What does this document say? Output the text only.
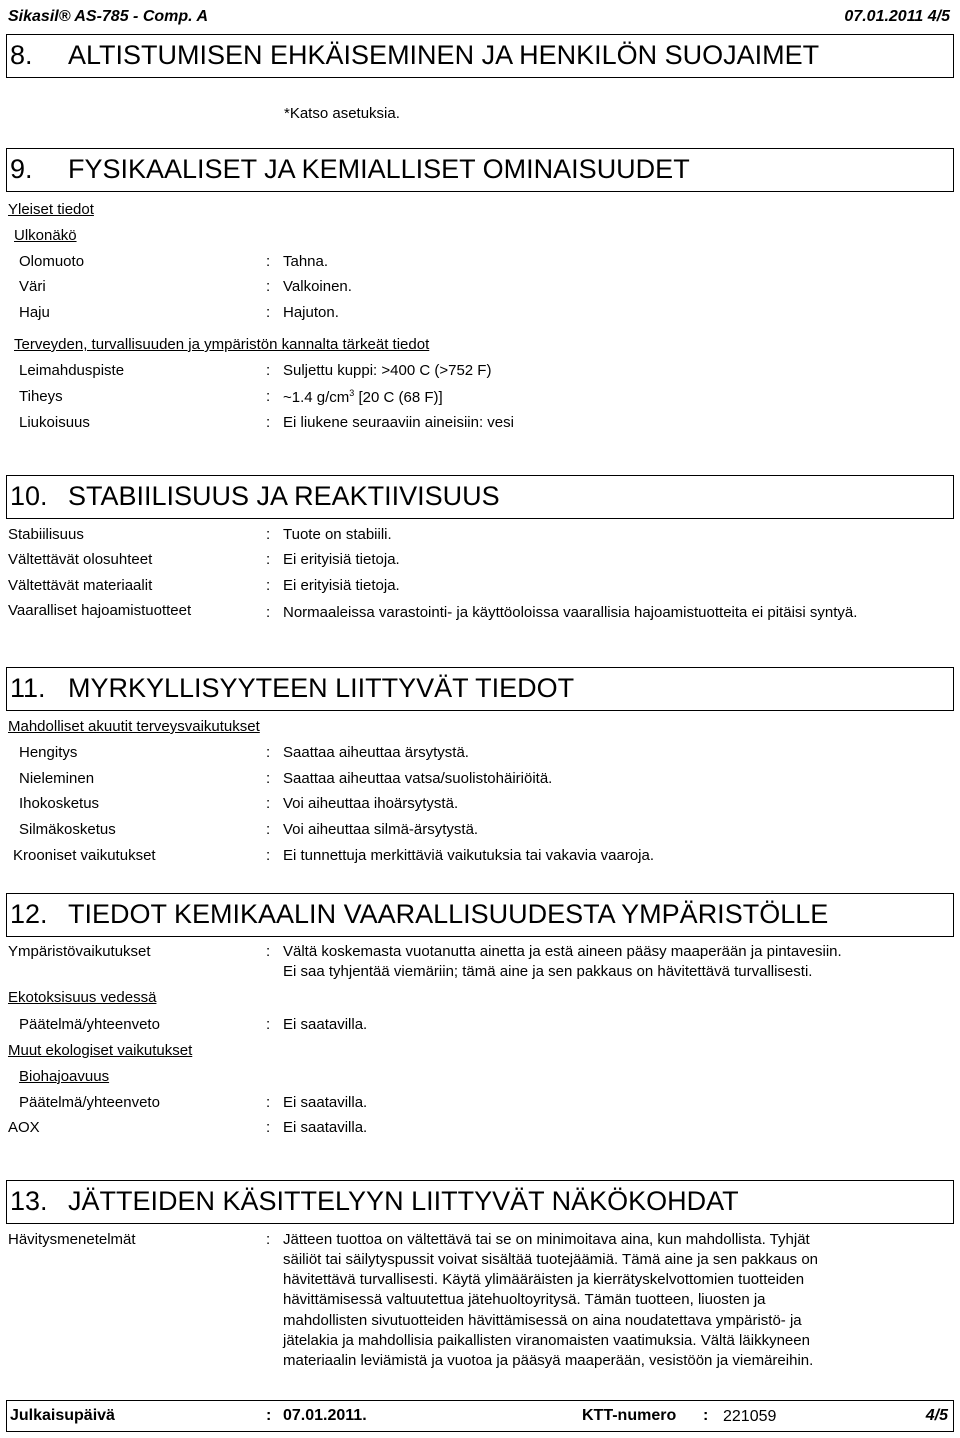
Sikasil® AS-785 - Comp. A	07.01.2011 4/5
8. ALTISTUMISEN EHKÄISEMINEN JA HENKILÖN SUOJAIMET
*Katso asetuksia.
9. FYSIKAALISET JA KEMIALLISET OMINAISUUDET
Yleiset tiedot
Ulkonäkö
Olomuoto	: Tahna.
Väri	: Valkoinen.
Haju	: Hajuton.
Terveyden, turvallisuuden ja ympäristön kannalta tärkeät tiedot
Leimahduspiste	: Suljettu kuppi: >400 C (>752 F)
Tiheys	: ~1.4 $g/cm^3$ [20 C (68 F)]
Liukoisuus	: Ei liukene seuraaviin aineisiin: vesi
10. STABIILISUUS JA REAKTIIVISUUS
Stabiilisuus	: Tuote on stabiili.
Vältettävät olosuhteet	: Ei erityisiä tietoja.
Vältettävät materiaalit	: Ei erityisiä tietoja.
Vaaralliset hajoamistuotteet	: Normaaleissa varastointi- ja käyttöoloissa vaarallisia hajoamistuotteita ei pitäisi syntyä.
11. MYRKYLLISYYTEEN LIITTYVÄT TIEDOT
Mahdolliset akuutit terveysvaikutukset
Hengitys	: Saattaa aiheuttaa ärsytystä.
Nieleminen	: Saattaa aiheuttaa vatsa/suolistohäiriöitä.
Ihokosketus	: Voi aiheuttaa ihoärsytystä.
Silmäkosketus	: Voi aiheuttaa silmä-ärsytystä.
Krooniset vaikutukset	: Ei tunnettuja merkittäviä vaikutuksia tai vakavia vaaroja.
12. TIEDOT KEMIKAALIN VAARALLISUUDESTA YMPÄRISTÖLLE
Ympäristövaikutukset	: Vältä koskemasta vuotanutta ainetta ja estä aineen pääsy maaperään ja pintavesiin.
Ei saa tyhjentää viemäriin; tämä aine ja sen pakkaus on hävitettävä turvallisesti.
Ekotoksisuus vedessä
Päätelmä/yhteenveto	: Ei saatavilla.
Muut ekologiset vaikutukset
Biohajoavuus
Päätelmä/yhteenveto	: Ei saatavilla.
AOX	: Ei saatavilla.
13. JÄTTEIDEN KÄSITTELYYN LIITTYVÄT NÄKÖKOHDAT
Hävitysmenetelmät	: Jätteen tuottoa on vältettävä tai se on minimoitava aina, kun mahdollista. Tyhjät
säiliöt tai säilytyspussit voivat sisältää tuotejäämiä. Tämä aine ja sen pakkaus on
hävitettävä turvallisesti. Käytä ylimääräisten ja kierrätyskelvottomien tuotteiden
hävittämisessä valtuutettua jätehuoltoyritysä. Tämän tuotteen, liuosten ja
mahdollisten sivutuotteiden hävittämisessä on aina noudatettava ympäristö- ja
jätelakia ja mahdollisia paikallisten viranomaisten vaatimuksia. Vältä läikkyneen
materiaalin leviämistä ja vuotoa ja pääsyä maaperään, vesistöön ja viemäreihin.
Julkaisupäivä	: 07.01.2011.	KTT-numero : 221059	4/5
